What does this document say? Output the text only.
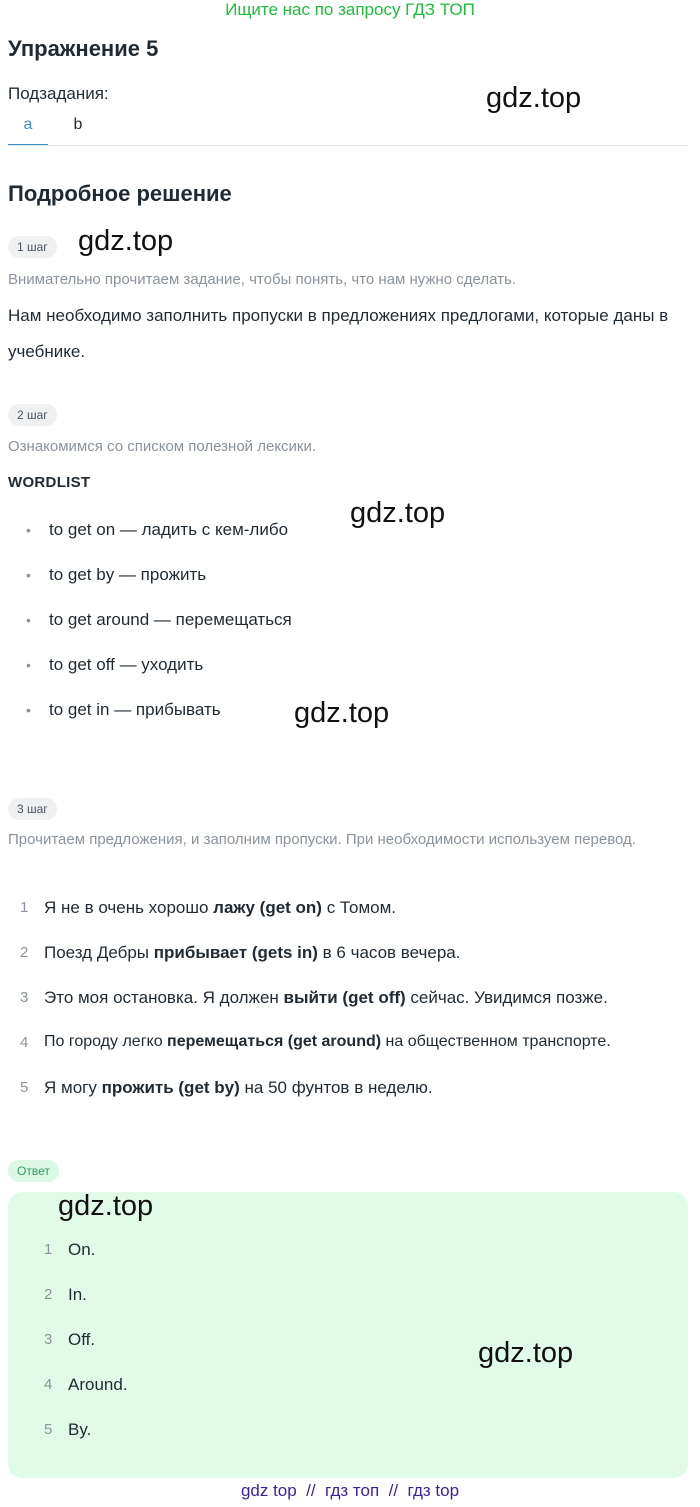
Ищите нас по запросу ГДЗ ТОП
Упражнение 5
Подзадания:	gdz.top
a	b
Подробное решение
1 шаг	gdz.top
Внимательно прочитаем задание, чтобы понять, что нам нужно сделать.
Нам необходимо заполнить пропуски в предложениях предлогами, которые даны в учебнике.
2 шаг
Ознакомимся со списком полезной лексики.
WORDLIST
gdz.top
•	to get on — ладить с кем-либо
•	to get by — прожить
•	to get around — перемещаться
•	to get off — уходить
•	to get in — прибывать	gdz.top
3 шаг
Прочитаем предложения, и заполним пропуски. При необходимости используем перевод.
1 Я не в очень хорошо лажу (get on) с Томом.
2 Поезд Дебры прибывает (gets in) в 6 часов вечера.
3 Это моя остановка. Я должен выйти (get off) сейчас. Увидимся позже.
4 По городу легко перемещаться (get around) на общественном транспорте.
5 Я могу прожить (get by) на 50 фунтов в неделю.
Ответ
gdz.top
1 On.
2 In.
3 Off.
4 Around.
5 By.
gdz.top
gdz top  //  гдз топ  //  гдз top
